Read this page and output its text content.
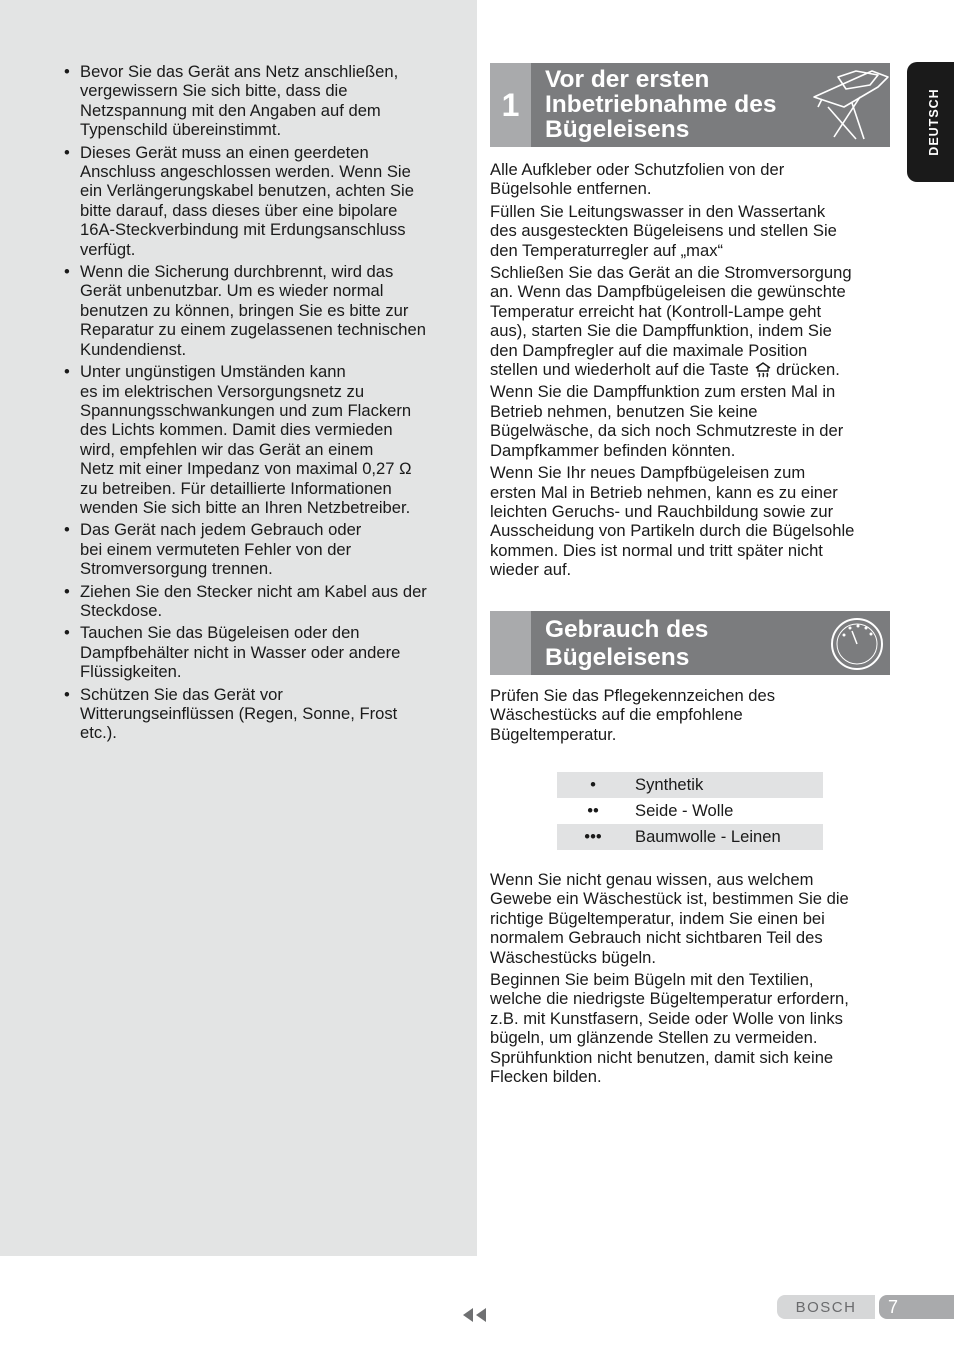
• Bevor Sie das Gerät ans Netz anschließen,
vergewissern Sie sich bitte, dass die
Netzspannung mit den Angaben auf dem
Typenschild übereinstimmt.
• Dieses Gerät muss an einen geerdeten
Anschluss angeschlossen werden. Wenn Sie
ein Verlängerungskabel benutzen, achten Sie
bitte darauf, dass dieses über eine bipolare
16A-Steckverbindung mit Erdungsanschluss
verfügt.
• Wenn die Sicherung durchbrennt, wird das
Gerät unbenutzbar. Um es wieder normal
benutzen zu können, bringen Sie es bitte zur
Reparatur zu einem zugelassenen technischen
Kundendienst.
• Unter ungünstigen Umständen kann
es im elektrischen Versorgungsnetz zu
Spannungsschwankungen und zum Flackern
des Lichts kommen. Damit dies vermieden
wird, empfehlen wir das Gerät an einem
Netz mit einer Impedanz von maximal 0,27 Ω
zu betreiben. Für detaillierte Informationen
wenden Sie sich bitte an Ihren Netzbetreiber.
• Das Gerät nach jedem Gebrauch oder
bei einem vermuteten Fehler von der
Stromversorgung trennen.
• Ziehen Sie den Stecker nicht am Kabel aus der
Steckdose.
• Tauchen Sie das Bügeleisen oder den
Dampfbehälter nicht in Wasser oder andere
Flüssigkeiten.
• Schützen Sie das Gerät vor
Witterungseinflüssen (Regen, Sonne, Frost
etc.).
DEUTSCH
1
Vor der ersten
Inbetriebnahme des
Bügeleisens

Alle Aufkleber oder Schutzfolien von der
Bügelsohle entfernen.

Füllen Sie Leitungswasser in den Wassertank
des ausgesteckten Bügeleisens und stellen Sie
den Temperaturregler auf „max“

Schließen Sie das Gerät an die Stromversorgung
an. Wenn das Dampfbügeleisen die gewünschte
Temperatur erreicht hat (Kontroll-Lampe geht
aus), starten Sie die Dampffunktion, indem Sie
den Dampfregler auf die maximale Position
stellen und wiederholt auf die Taste  drücken.

Wenn Sie die Dampffunktion zum ersten Mal in
Betrieb nehmen, benutzen Sie keine
Bügelwäsche, da sich noch Schmutzreste in der
Dampfkammer befinden könnten.

Wenn Sie Ihr neues Dampfbügeleisen zum
ersten Mal in Betrieb nehmen, kann es zu einer
leichten Geruchs- und Rauchbildung sowie zur
Ausscheidung von Partikeln durch die Bügelsohle
kommen. Dies ist normal und tritt später nicht
wieder auf.

Gebrauch des
Bügeleisens

Prüfen Sie das Pflegekennzeichen des
Wäschestücks auf die empfohlene
Bügeltemperatur.

•	Synthetik
••	Seide - Wolle
•••	Baumwolle - Leinen

Wenn Sie nicht genau wissen, aus welchem
Gewebe ein Wäschestück ist, bestimmen Sie die
richtige Bügeltemperatur, indem Sie einen bei
normalem Gebrauch nicht sichtbaren Teil des
Wäschestücks bügeln.

Beginnen Sie beim Bügeln mit den Textilien,
welche die niedrigste Bügeltemperatur erfordern,
z.B. mit Kunstfasern, Seide oder Wolle von links
bügeln, um glänzende Stellen zu vermeiden.
Sprühfunktion nicht benutzen, damit sich keine
Flecken bilden.

BOSCH	7
